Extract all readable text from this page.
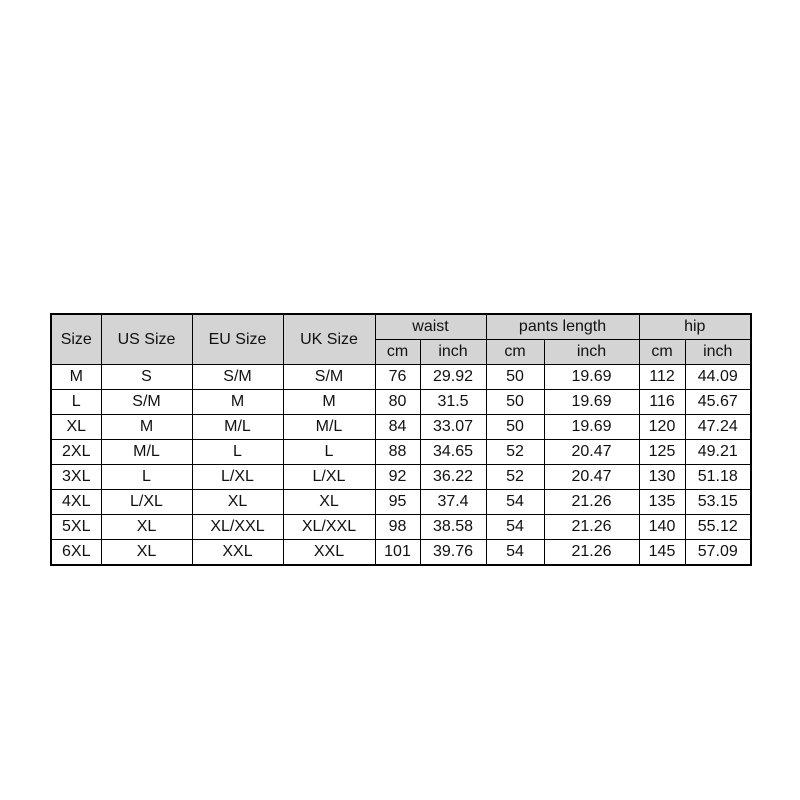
Size	US Size	EU Size	UK Size	waist		pants length		hip	
				cm	inch	cm	inch	cm	inch
M	S	S/M	S/M	76	29.92	50	19.69	112	44.09
L	S/M	M	M	80	31.5	50	19.69	116	45.67
XL	M	M/L	M/L	84	33.07	50	19.69	120	47.24
2XL	M/L	L	L	88	34.65	52	20.47	125	49.21
3XL	L	L/XL	L/XL	92	36.22	52	20.47	130	51.18
4XL	L/XL	XL	XL	95	37.4	54	21.26	135	53.15
5XL	XL	XL/XXL	XL/XXL	98	38.58	54	21.26	140	55.12
6XL	XL	XXL	XXL	101	39.76	54	21.26	145	57.09
